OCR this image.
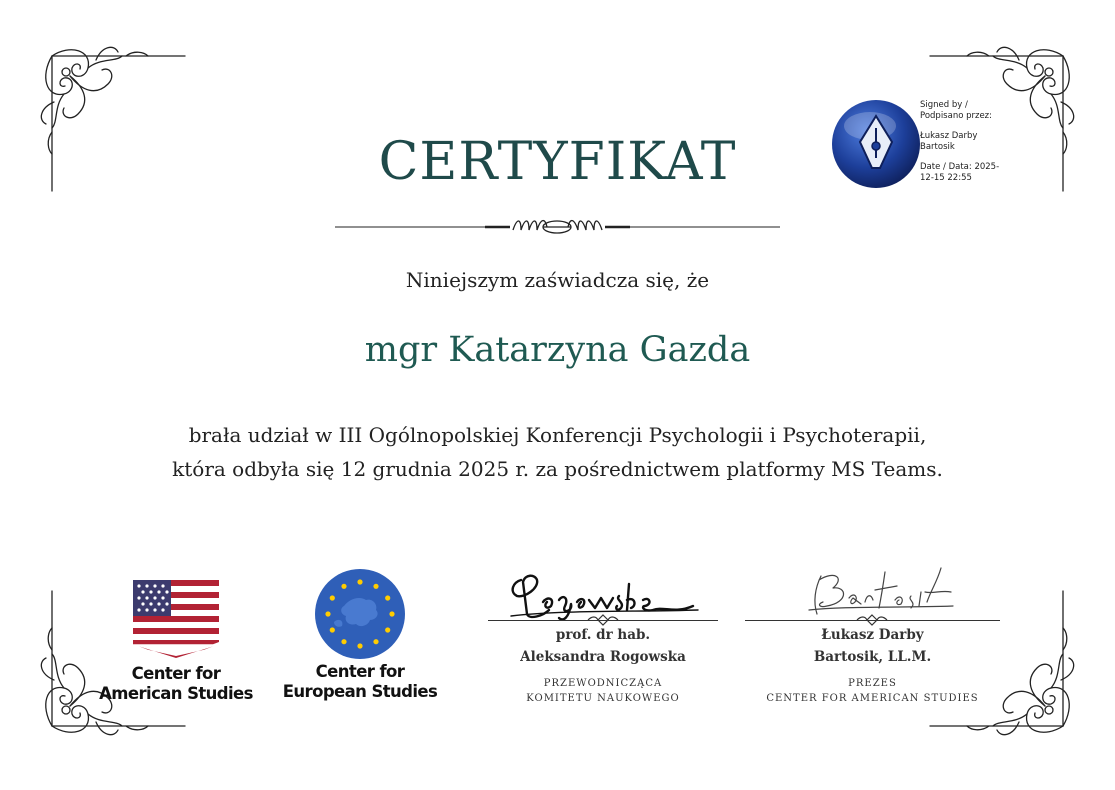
Signed by /
Podpisano przez:
Łukasz Darby
Bartosik
Date / Data: 2025-
12-15 22:55
CERTYFIKAT
Niniejszym zaświadcza się, że
mgr Katarzyna Gazda
brała udział w III Ogólnopolskiej Konferencji Psychologii i Psychoterapii,
która odbyła się 12 grudnia 2025 r. za pośrednictwem platformy MS Teams.
Center for
American Studies
Center for
European Studies
prof. dr hab.
Aleksandra Rogowska
PRZEWODNICZĄCA
KOMITETU NAUKOWEGO
Łukasz Darby
Bartosik, LL.M.
PREZES
CENTER FOR AMERICAN STUDIES
